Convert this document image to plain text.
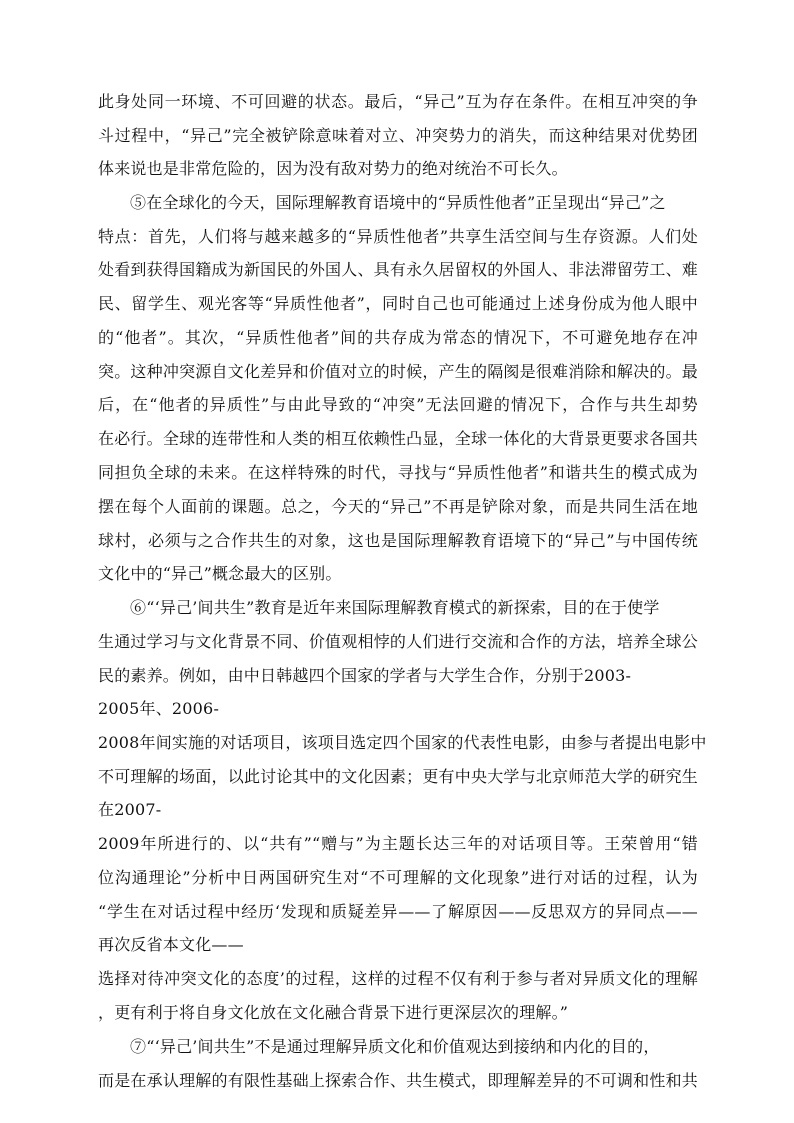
此身处同一环境、不可回避的状态。最后，“异己”互为存在条件。在相互冲突的争
斗过程中，“异己”完全被铲除意味着对立、冲突势力的消失，而这种结果对优势团
体来说也是非常危险的，因为没有敌对势力的绝对统治不可长久。
⑤在全球化的今天，国际理解教育语境中的“异质性他者”正呈现出“异己”之
特点：首先，人们将与越来越多的“异质性他者”共享生活空间与生存资源。人们处
处看到获得国籍成为新国民的外国人、具有永久居留权的外国人、非法滞留劳工、难
民、留学生、观光客等“异质性他者”，同时自己也可能通过上述身份成为他人眼中
的“他者”。其次，“异质性他者”间的共存成为常态的情况下，不可避免地存在冲
突。这种冲突源自文化差异和价值对立的时候，产生的隔阂是很难消除和解决的。最
后，在“他者的异质性”与由此导致的“冲突”无法回避的情况下，合作与共生却势
在必行。全球的连带性和人类的相互依赖性凸显，全球一体化的大背景更要求各国共
同担负全球的未来。在这样特殊的时代，寻找与“异质性他者”和谐共生的模式成为
摆在每个人面前的课题。总之，今天的“异己”不再是铲除对象，而是共同生活在地
球村，必须与之合作共生的对象，这也是国际理解教育语境下的“异己”与中国传统
文化中的“异己”概念最大的区别。
⑥“‘异己’间共生”教育是近年来国际理解教育模式的新探索，目的在于使学
生通过学习与文化背景不同、价值观相悖的人们进行交流和合作的方法，培养全球公
民的素养。例如，由中日韩越四个国家的学者与大学生合作，分别于2003-
2005年、2006-
2008年间实施的对话项目，该项目选定四个国家的代表性电影，由参与者提出电影中
不可理解的场面，以此讨论其中的文化因素；更有中央大学与北京师范大学的研究生
在2007-
2009年所进行的、以“共有”“赠与”为主题长达三年的对话项目等。王荣曾用“错
位沟通理论”分析中日两国研究生对“不可理解的文化现象”进行对话的过程，认为
“学生在对话过程中经历‘发现和质疑差异——了解原因——反思双方的异同点——
再次反省本文化——
选择对待冲突文化的态度’的过程，这样的过程不仅有利于参与者对异质文化的理解
，更有利于将自身文化放在文化融合背景下进行更深层次的理解。”
⑦“‘异己’间共生”不是通过理解异质文化和价值观达到接纳和内化的目的，
而是在承认理解的有限性基础上探索合作、共生模式，即理解差异的不可调和性和共
